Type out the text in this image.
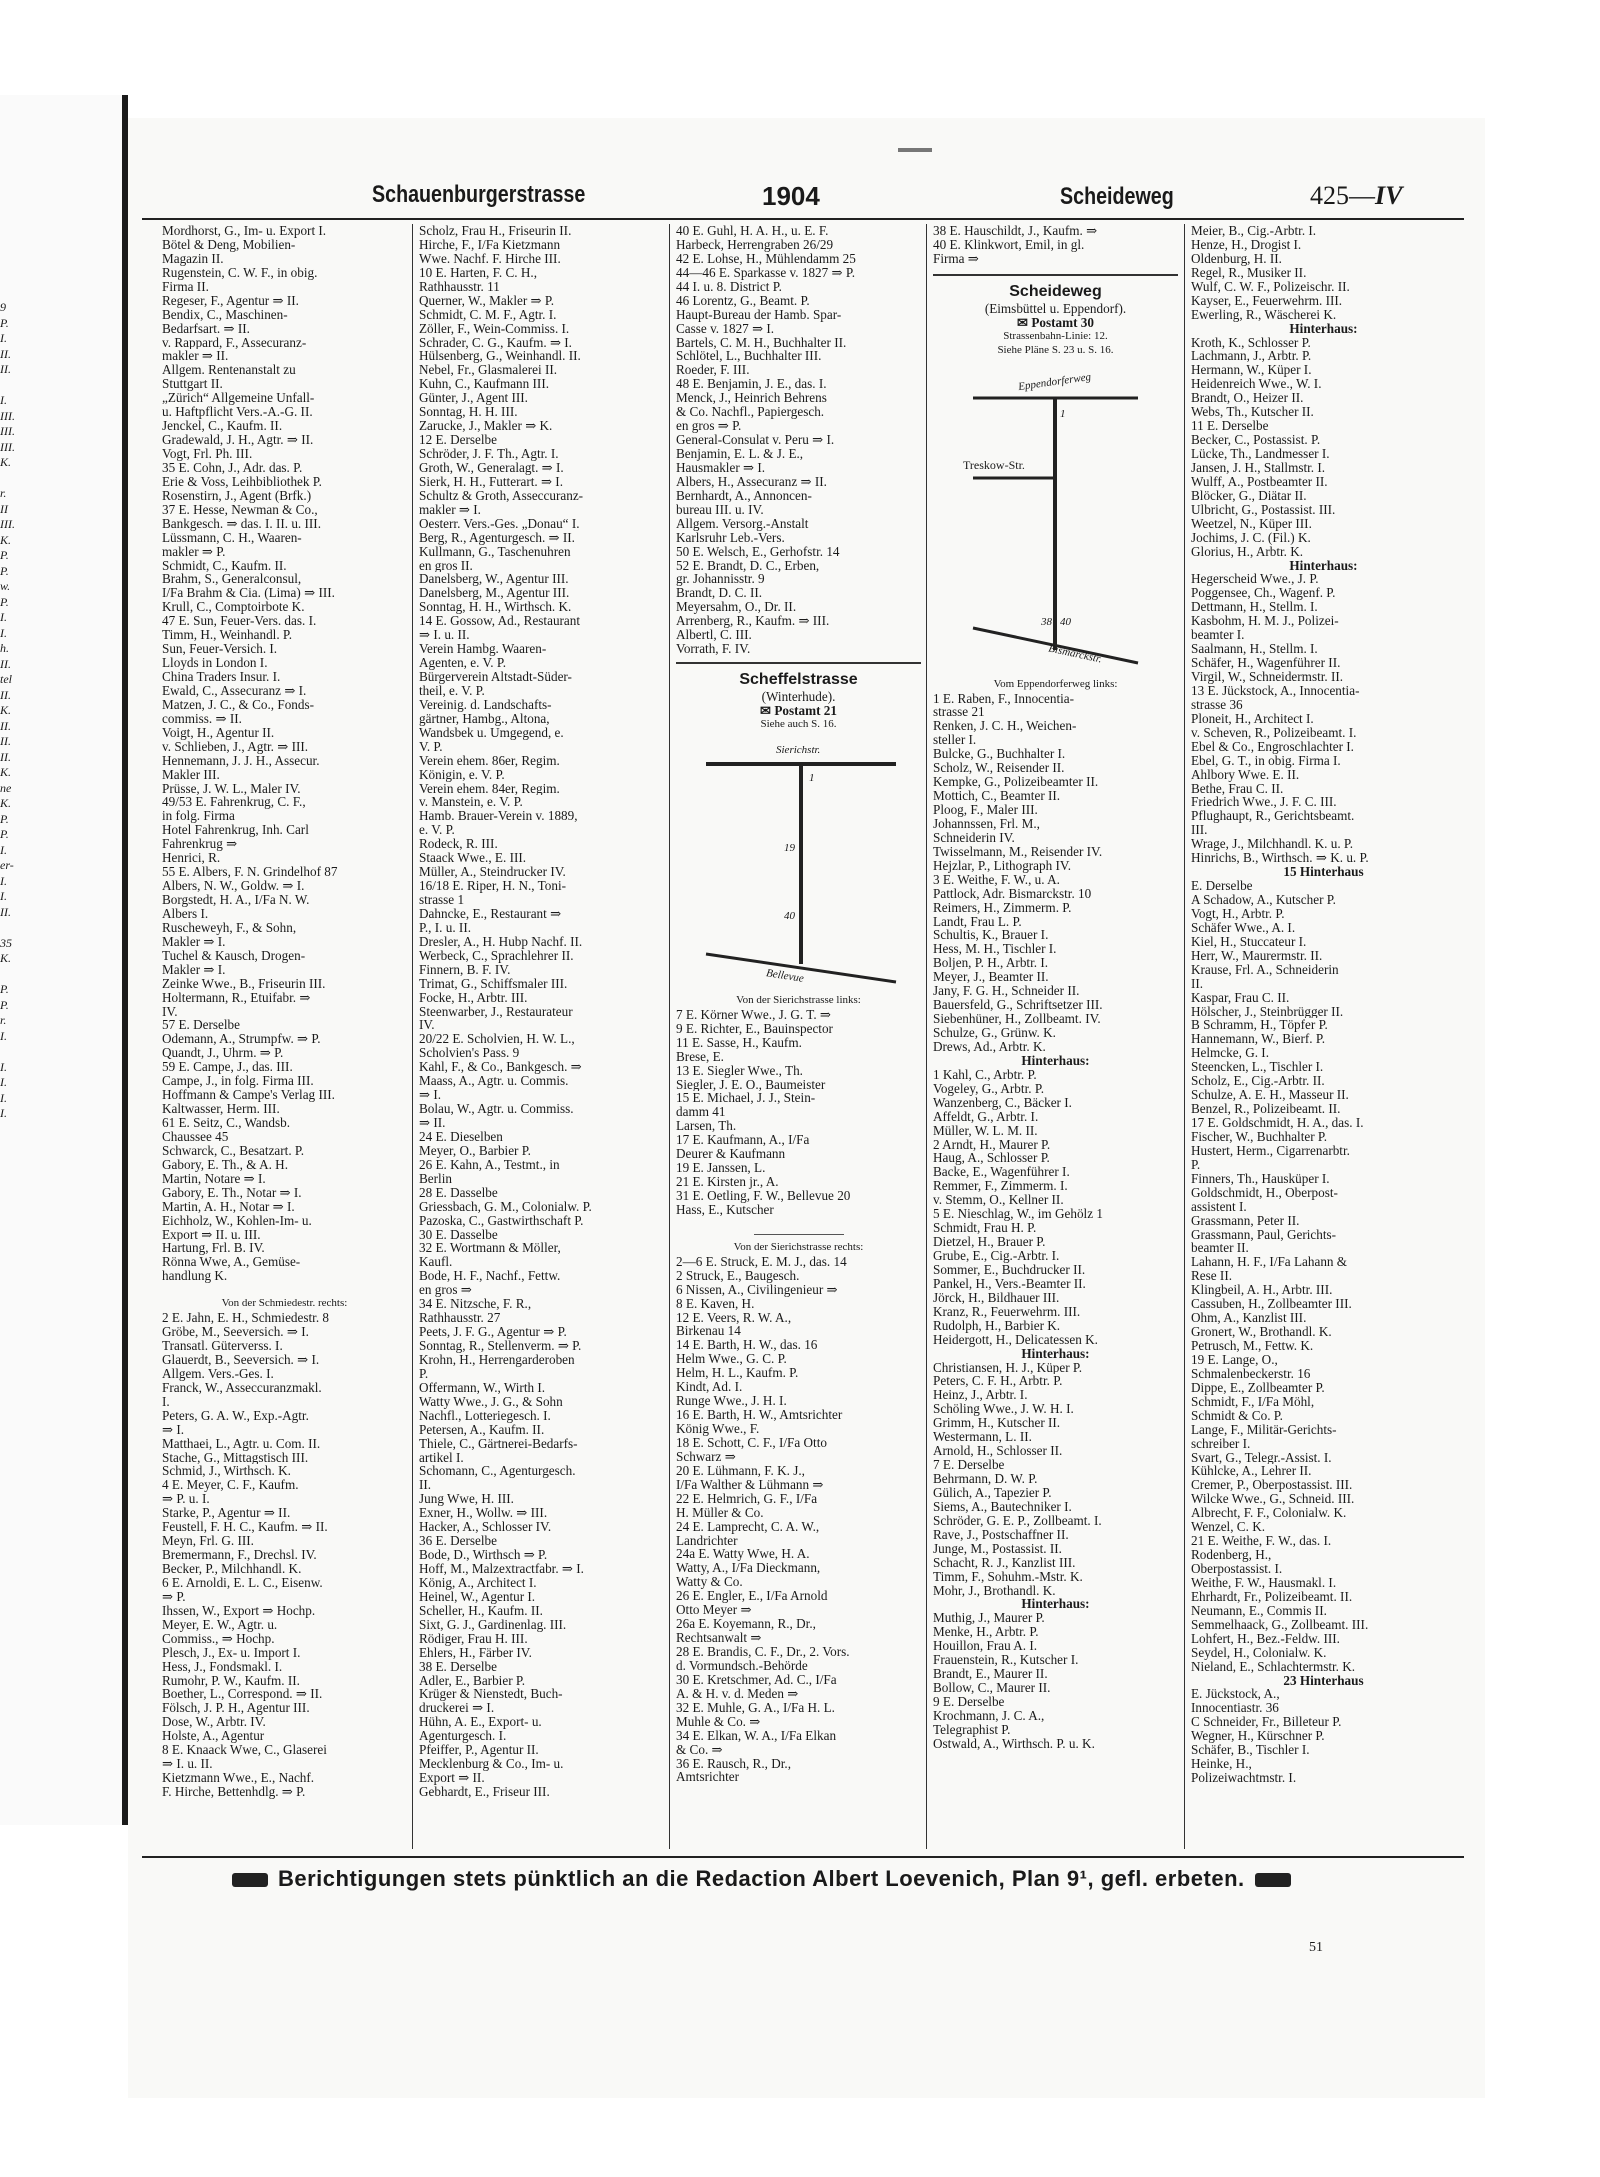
9
P.
I.
II.
II.
I.
III.
III.
III.
K.
r.
II
III.
K.
P.
P.
w.
P.
I.
I.
h.
II.
tel
II.
K.
II.
II.
II.
K.
ne
K.
P.
P.
I.
er-
I.
I.
II.
35
K.
P.
P.
r.
I.
I.
I.
I.
I.
Schauenburgerstrasse	1904	Scheideweg	425—IV
Mordhorst, G., Im- u. Export I.
Bötel & Deng, Mobilien-
Magazin II.
Rugenstein, C. W. F., in obig.
Firma II.
Regeser, F., Agentur ⇒ II.
Bendix, C., Maschinen-
Bedarfsart. ⇒ II.
v. Rappard, F., Assecuranz-
makler ⇒ II.
Allgem. Rentenanstalt zu
Stuttgart II.
„Zürich“ Allgemeine Unfall-
u. Haftpflicht Vers.-A.-G. II.
Jenckel, C., Kaufm. II.
Gradewald, J. H., Agtr. ⇒ II.
Vogt, Frl. Ph. III.
35 E. Cohn, J., Adr. das. P.
Erie & Voss, Leihbibliothek P.
Rosenstirn, J., Agent (Brfk.)
37 E. Hesse, Newman & Co.,
Bankgesch. ⇒ das. I. II. u. III.
Lüssmann, C. H., Waaren-
makler ⇒ P.
Schmidt, C., Kaufm. II.
Brahm, S., Generalconsul,
I/Fa Brahm & Cia. (Lima) ⇒ III.
Krull, C., Comptoirbote K.
47 E. Sun, Feuer-Vers. das. I.
Timm, H., Weinhandl. P.
Sun, Feuer-Versich. I.
Lloyds in London I.
China Traders Insur. I.
Ewald, C., Assecuranz ⇒ I.
Matzen, J. C., & Co., Fonds-
commiss. ⇒ II.
Voigt, H., Agentur II.
v. Schlieben, J., Agtr. ⇒ III.
Hennemann, J. J. H., Assecur.
Makler III.
Prüsse, J. W. L., Maler IV.
49/53 E. Fahrenkrug, C. F.,
in folg. Firma
Hotel Fahrenkrug, Inh. Carl
Fahrenkrug ⇒
Henrici, R.
55 E. Albers, F. N. Grindelhof 87
Albers, N. W., Goldw. ⇒ I.
Borgstedt, H. A., I/Fa N. W.
Albers I.
Ruscheweyh, F., & Sohn,
Makler ⇒ I.
Tuchel & Kausch, Drogen-
Makler ⇒ I.
Zeinke Wwe., B., Friseurin III.
Holtermann, R., Etuifabr. ⇒
IV.
57 E. Derselbe
Odemann, A., Strumpfw. ⇒ P.
Quandt, J., Uhrm. ⇒ P.
59 E. Campe, J., das. III.
Campe, J., in folg. Firma III.
Hoffmann & Campe's Verlag III.
Kaltwasser, Herm. III.
61 E. Seitz, C., Wandsb.
Chaussee 45
Schwarck, C., Besatzart. P.
Gabory, E. Th., & A. H.
Martin, Notare ⇒ I.
Gabory, E. Th., Notar ⇒ I.
Martin, A. H., Notar ⇒ I.
Eichholz, W., Kohlen-Im- u.
Export ⇒ II. u. III.
Hartung, Frl. B. IV.
Rönna Wwe, A., Gemüse-
handlung K.
Von der Schmiedestr. rechts:
2 E. Jahn, E. H., Schmiedestr. 8
Gröbe, M., Seeversich. ⇒ I.
Transatl. Güterverss. I.
Glauerdt, B., Seeversich. ⇒ I.
Allgem. Vers.-Ges. I.
Franck, W., Asseccuranzmakl.
I.
Peters, G. A. W., Exp.-Agtr.
⇒ I.
Matthaei, L., Agtr. u. Com. II.
Stache, G., Mittagstisch III.
Schmid, J., Wirthsch. K.
4 E. Meyer, C. F., Kaufm.
⇒ P. u. I.
Starke, P., Agentur ⇒ II.
Feustell, F. H. C., Kaufm. ⇒ II.
Meyn, Frl. G. III.
Bremermann, F., Drechsl. IV.
Becker, P., Milchhandl. K.
6 E. Arnoldi, E. L. C., Eisenw.
⇒ P.
Ihssen, W., Export ⇒ Hochp.
Meyer, E. W., Agtr. u.
Commiss., ⇒ Hochp.
Plesch, J., Ex- u. Import I.
Hess, J., Fondsmakl. I.
Rumohr, P. W., Kaufm. II.
Boether, L., Correspond. ⇒ II.
Fölsch, J. P. H., Agentur III.
Dose, W., Arbtr. IV.
Holste, A., Agentur
8 E. Knaack Wwe, C., Glaserei
⇒ I. u. II.
Kietzmann Wwe., E., Nachf.
F. Hirche, Bettenhdlg. ⇒ P.
Scholz, Frau H., Friseurin II.
Hirche, F., I/Fa Kietzmann
Wwe. Nachf. F. Hirche III.
10 E. Harten, F. C. H.,
Rathhausstr. 11
Querner, W., Makler ⇒ P.
Schmidt, C. M. F., Agtr. I.
Zöller, F., Wein-Commiss. I.
Schrader, C. G., Kaufm. ⇒ I.
Hülsenberg, G., Weinhandl. II.
Nebel, Fr., Glasmalerei II.
Kuhn, C., Kaufmann III.
Günter, J., Agent III.
Sonntag, H. H. III.
Zarucke, J., Makler ⇒ K.
12 E. Derselbe
Schröder, J. F. Th., Agtr. I.
Groth, W., Generalagt. ⇒ I.
Sierk, H. H., Futterart. ⇒ I.
Schultz & Groth, Asseccuranz-
makler ⇒ I.
Oesterr. Vers.-Ges. „Donau“ I.
Berg, R., Agenturgesch. ⇒ II.
Kullmann, G., Taschenuhren
en gros II.
Danelsberg, W., Agentur III.
Danelsberg, M., Agentur III.
Sonntag, H. H., Wirthsch. K.
14 E. Gossow, Ad., Restaurant
⇒ I. u. II.
Verein Hambg. Waaren-
Agenten, e. V. P.
Bürgerverein Altstadt-Süder-
theil, e. V. P.
Vereinig. d. Landschafts-
gärtner, Hambg., Altona,
Wandsbek u. Umgegend, e.
V. P.
Verein ehem. 86er, Regim.
Königin, e. V. P.
Verein ehem. 84er, Regim.
v. Manstein, e. V. P.
Hamb. Brauer-Verein v. 1889,
e. V. P.
Rodeck, R. III.
Staack Wwe., E. III.
Müller, A., Steindrucker IV.
16/18 E. Riper, H. N., Toni-
strasse 1
Dahncke, E., Restaurant ⇒
P., I. u. II.
Dresler, A., H. Hubp Nachf. II.
Werbeck, C., Sprachlehrer II.
Finnern, B. F. IV.
Trimat, G., Schiffsmaler III.
Focke, H., Arbtr. III.
Steenwarber, J., Restaurateur
IV.
20/22 E. Scholvien, H. W. L.,
Scholvien's Pass. 9
Kahl, F., & Co., Bankgesch. ⇒
Maass, A., Agtr. u. Commis.
⇒ I.
Bolau, W., Agtr. u. Commiss.
⇒ II.
24 E. Dieselben
Meyer, O., Barbier P.
26 E. Kahn, A., Testmt., in
Berlin
28 E. Dasselbe
Griessbach, G. M., Colonialw. P.
Pazoska, C., Gastwirthschaft P.
30 E. Dasselbe
32 E. Wortmann & Möller,
Kaufl.
Bode, H. F., Nachf., Fettw.
en gros ⇒
34 E. Nitzsche, F. R.,
Rathhausstr. 27
Peets, J. F. G., Agentur ⇒ P.
Sonntag, R., Stellenverm. ⇒ P.
Krohn, H., Herrengarderoben
P.
Offermann, W., Wirth I.
Watty Wwe., J. G., & Sohn
Nachfl., Lotteriegesch. I.
Petersen, A., Kaufm. II.
Thiele, C., Gärtnerei-Bedarfs-
artikel I.
Schomann, C., Agenturgesch.
II.
Jung Wwe, H. III.
Exner, H., Wollw. ⇒ III.
Hacker, A., Schlosser IV.
36 E. Derselbe
Bode, D., Wirthsch ⇒ P.
Hoff, M., Malzextractfabr. ⇒ I.
König, A., Architect I.
Heinel, W., Agentur I.
Scheller, H., Kaufm. II.
Sixt, G. J., Gardinenlag. III.
Rödiger, Frau H. III.
Ehlers, H., Färber IV.
38 E. Derselbe
Adler, E., Barbier P.
Krüger & Nienstedt, Buch-
druckerei ⇒ I.
Hühn, A. E., Export- u.
Agenturgesch. I.
Pfeiffer, P., Agentur II.
Mecklenburg & Co., Im- u.
Export ⇒ II.
Gebhardt, E., Friseur III.
40 E. Guhl, H. A. H., u. E. F.
Harbeck, Herrengraben 26/29
42 E. Lohse, H., Mühlendamm 25
44—46 E. Sparkasse v. 1827 ⇒ P.
44 I. u. 8. District P.
46 Lorentz, G., Beamt. P.
Haupt-Bureau der Hamb. Spar-
Casse v. 1827 ⇒ I.
Bartels, C. M. H., Buchhalter II.
Schlötel, L., Buchhalter III.
Roeder, F. III.
48 E. Benjamin, J. E., das. I.
Menck, J., Heinrich Behrens
& Co. Nachfl., Papiergesch.
en gros ⇒ P.
General-Consulat v. Peru ⇒ I.
Benjamin, E. L. & J. E.,
Hausmakler ⇒ I.
Albers, H., Assecuranz ⇒ II.
Bernhardt, A., Annoncen-
bureau III. u. IV.
Allgem. Versorg.-Anstalt
Karlsruhr Leb.-Vers.
50 E. Welsch, E., Gerhofstr. 14
52 E. Brandt, D. C., Erben,
gr. Johannisstr. 9
Brandt, D. C. II.
Meyersahm, O., Dr. II.
Arrenberg, R., Kaufm. ⇒ III.
Albertl, C. III.
Vorrath, F. IV.
Scheffelstrasse
(Winterhude).
✉ Postamt 21
Siehe auch S. 16.
Sierichstr.
1
19
40
Bellevue
Von der Sierichstrasse links:
7 E. Körner Wwe., J. G. T. ⇒
9 E. Richter, E., Bauinspector
11 E. Sasse, H., Kaufm.
Brese, E.
13 E. Siegler Wwe., Th.
Siegler, J. E. O., Baumeister
15 E. Michael, J. J., Stein-
damm 41
Larsen, Th.
17 E. Kaufmann, A., I/Fa
Deurer & Kaufmann
19 E. Janssen, L.
21 E. Kirsten jr., A.
31 E. Oetling, F. W., Bellevue 20
Hass, E., Kutscher
Von der Sierichstrasse rechts:
2—6 E. Struck, E. M. J., das. 14
2 Struck, E., Baugesch.
6 Nissen, A., Civilingenieur ⇒
8 E. Kaven, H.
12 E. Veers, R. W. A.,
Birkenau 14
14 E. Barth, H. W., das. 16
Helm Wwe., G. C. P.
Helm, H. L., Kaufm. P.
Kindt, Ad. I.
Runge Wwe., J. H. I.
16 E. Barth, H. W., Amtsrichter
König Wwe., F.
18 E. Schott, C. F., I/Fa Otto
Schwarz ⇒
20 E. Lühmann, F. K. J.,
I/Fa Walther & Lühmann ⇒
22 E. Helmrich, G. F., I/Fa
H. Müller & Co.
24 E. Lamprecht, C. A. W.,
Landrichter
24a E. Watty Wwe, H. A.
Watty, A., I/Fa Dieckmann,
Watty & Co.
26 E. Engler, E., I/Fa Arnold
Otto Meyer ⇒
26a E. Koyemann, R., Dr.,
Rechtsanwalt ⇒
28 E. Brandis, C. F., Dr., 2. Vors.
d. Vormundsch.-Behörde
30 E. Kretschmer, Ad. C., I/Fa
A. & H. v. d. Meden ⇒
32 E. Muhle, G. A., I/Fa H. L.
Muhle & Co. ⇒
34 E. Elkan, W. A., I/Fa Elkan
& Co. ⇒
36 E. Rausch, R., Dr.,
Amtsrichter
38 E. Hauschildt, J., Kaufm. ⇒
40 E. Klinkwort, Emil, in gl.
Firma ⇒
Scheideweg
(Eimsbüttel u. Eppendorf).
✉ Postamt 30
Strassenbahn-Linie: 12.
Siehe Pläne S. 23 u. S. 16.
Eppendorferweg
Treskow-Str.
1
40
38
Bismarckstr.
Vom Eppendorferweg links:
1 E. Raben, F., Innocentia-
strasse 21
Renken, J. C. H., Weichen-
steller I.
Bulcke, G., Buchhalter I.
Scholz, W., Reisender II.
Kempke, G., Polizeibeamter II.
Mottich, C., Beamter II.
Ploog, F., Maler III.
Johannssen, Frl. M.,
Schneiderin IV.
Twisselmann, M., Reisender IV.
Hejzlar, P., Lithograph IV.
3 E. Weithe, F. W., u. A.
Pattlock, Adr. Bismarckstr. 10
Reimers, H., Zimmerm. P.
Landt, Frau L. P.
Schultis, K., Brauer I.
Hess, M. H., Tischler I.
Boljen, P. H., Arbtr. I.
Meyer, J., Beamter II.
Jany, F. G. H., Schneider II.
Bauersfeld, G., Schriftsetzer III.
Siebenhüner, H., Zollbeamt. IV.
Schulze, G., Grünw. K.
Drews, Ad., Arbtr. K.
Hinterhaus:
1 Kahl, C., Arbtr. P.
Vogeley, G., Arbtr. P.
Wanzenberg, C., Bäcker I.
Affeldt, G., Arbtr. I.
Müller, W. L. M. II.
2 Arndt, H., Maurer P.
Haug, A., Schlosser P.
Backe, E., Wagenführer I.
Remmer, F., Zimmerm. I.
v. Stemm, O., Kellner II.
5 E. Nieschlag, W., im Gehölz 1
Schmidt, Frau H. P.
Dietzel, H., Brauer P.
Grube, E., Cig.-Arbtr. I.
Sommer, E., Buchdrucker II.
Pankel, H., Vers.-Beamter II.
Jörck, H., Bildhauer III.
Kranz, R., Feuerwehrm. III.
Rudolph, H., Barbier K.
Heidergott, H., Delicatessen K.
Hinterhaus:
Christiansen, H. J., Küper P.
Peters, C. F. H., Arbtr. P.
Heinz, J., Arbtr. I.
Schöling Wwe., J. W. H. I.
Grimm, H., Kutscher II.
Westermann, L. II.
Arnold, H., Schlosser II.
7 E. Derselbe
Behrmann, D. W. P.
Gülich, A., Tapezier P.
Siems, A., Bautechniker I.
Schröder, G. E. P., Zollbeamt. I.
Rave, J., Postschaffner II.
Junge, M., Postassist. II.
Schacht, R. J., Kanzlist III.
Timm, F., Sohuhm.-Mstr. K.
Mohr, J., Brothandl. K.
Hinterhaus:
Muthig, J., Maurer P.
Menke, H., Arbtr. P.
Houillon, Frau A. I.
Frauenstein, R., Kutscher I.
Brandt, E., Maurer II.
Bollow, C., Maurer II.
9 E. Derselbe
Krochmann, J. C. A.,
Telegraphist P.
Ostwald, A., Wirthsch. P. u. K.
Meier, B., Cig.-Arbtr. I.
Henze, H., Drogist I.
Oldenburg, H. II.
Regel, R., Musiker II.
Wulf, C. W. F., Polizeischr. II.
Kayser, E., Feuerwehrm. III.
Ewerling, R., Wäscherei K.
Hinterhaus:
Kroth, K., Schlosser P.
Lachmann, J., Arbtr. P.
Hermann, W., Küper I.
Heidenreich Wwe., W. I.
Brandt, O., Heizer II.
Webs, Th., Kutscher II.
11 E. Derselbe
Becker, C., Postassist. P.
Lücke, Th., Landmesser I.
Jansen, J. H., Stallmstr. I.
Wulff, A., Postbeamter II.
Blöcker, G., Diätar II.
Ulbricht, G., Postassist. III.
Weetzel, N., Küper III.
Jochims, J. C. (Fil.) K.
Glorius, H., Arbtr. K.
Hinterhaus:
Hegerscheid Wwe., J. P.
Poggensee, Ch., Wagenf. P.
Dettmann, H., Stellm. I.
Kasbohm, H. M. J., Polizei-
beamter I.
Saalmann, H., Stellm. I.
Schäfer, H., Wagenführer II.
Virgil, W., Schneidermstr. II.
13 E. Jückstock, A., Innocentia-
strasse 36
Ploneit, H., Architect I.
v. Scheven, R., Polizeibeamt. I.
Ebel & Co., Engroschlachter I.
Ebel, G. T., in obig. Firma I.
Ahlbory Wwe. E. II.
Bethe, Frau C. II.
Friedrich Wwe., J. F. C. III.
Pflughaupt, R., Gerichtsbeamt.
III.
Wrage, J., Milchhandl. K. u. P.
Hinrichs, B., Wirthsch. ⇒ K. u. P.
15 Hinterhaus
E. Derselbe
A Schadow, A., Kutscher P.
Vogt, H., Arbtr. P.
Schäfer Wwe., A. I.
Kiel, H., Stuccateur I.
Herr, W., Maurermstr. II.
Krause, Frl. A., Schneiderin
II.
Kaspar, Frau C. II.
Hölscher, J., Steinbrügger II.
B Schramm, H., Töpfer P.
Hannemann, W., Bierf. P.
Helmcke, G. I.
Steencken, L., Tischler I.
Scholz, E., Cig.-Arbtr. II.
Schulze, A. E. H., Masseur II.
Benzel, R., Polizeibeamt. II.
17 E. Goldschmidt, H. A., das. I.
Fischer, W., Buchhalter P.
Hustert, Herm., Cigarrenarbtr.
P.
Finners, Th., Hausküper I.
Goldschmidt, H., Oberpost-
assistent I.
Grassmann, Peter II.
Grassmann, Paul, Gerichts-
beamter II.
Lahann, H. F., I/Fa Lahann &
Rese II.
Klingbeil, A. H., Arbtr. III.
Cassuben, H., Zollbeamter III.
Ohm, A., Kanzlist III.
Gronert, W., Brothandl. K.
Petrusch, M., Fettw. K.
19 E. Lange, O.,
Schmalenbeckerstr. 16
Dippe, E., Zollbeamter P.
Schmidt, F., I/Fa Möhl,
Schmidt & Co. P.
Lange, F., Militär-Gerichts-
schreiber I.
Svart, G., Telegr.-Assist. I.
Kühlcke, A., Lehrer II.
Cremer, P., Oberpostassist. III.
Wilcke Wwe., G., Schneid. III.
Albrecht, F. F., Colonialw. K.
Wenzel, C. K.
21 E. Weithe, F. W., das. I.
Rodenberg, H.,
Oberpostassist. I.
Weithe, F. W., Hausmakl. I.
Ehrhardt, Fr., Polizeibeamt. II.
Neumann, E., Commis II.
Semmelhaack, G., Zollbeamt. III.
Lohfert, H., Bez.-Feldw. III.
Seydel, H., Colonialw. K.
Nieland, E., Schlachtermstr. K.
23 Hinterhaus
E. Jückstock, A.,
Innocentiastr. 36
C Schneider, Fr., Billeteur P.
Wegner, H., Kürschner P.
Schäfer, B., Tischler I.
Heinke, H.,
Polizeiwachtmstr. I.
Berichtigungen stets pünktlich an die Redaction Albert Loevenich, Plan 9¹, gefl. erbeten.
51
